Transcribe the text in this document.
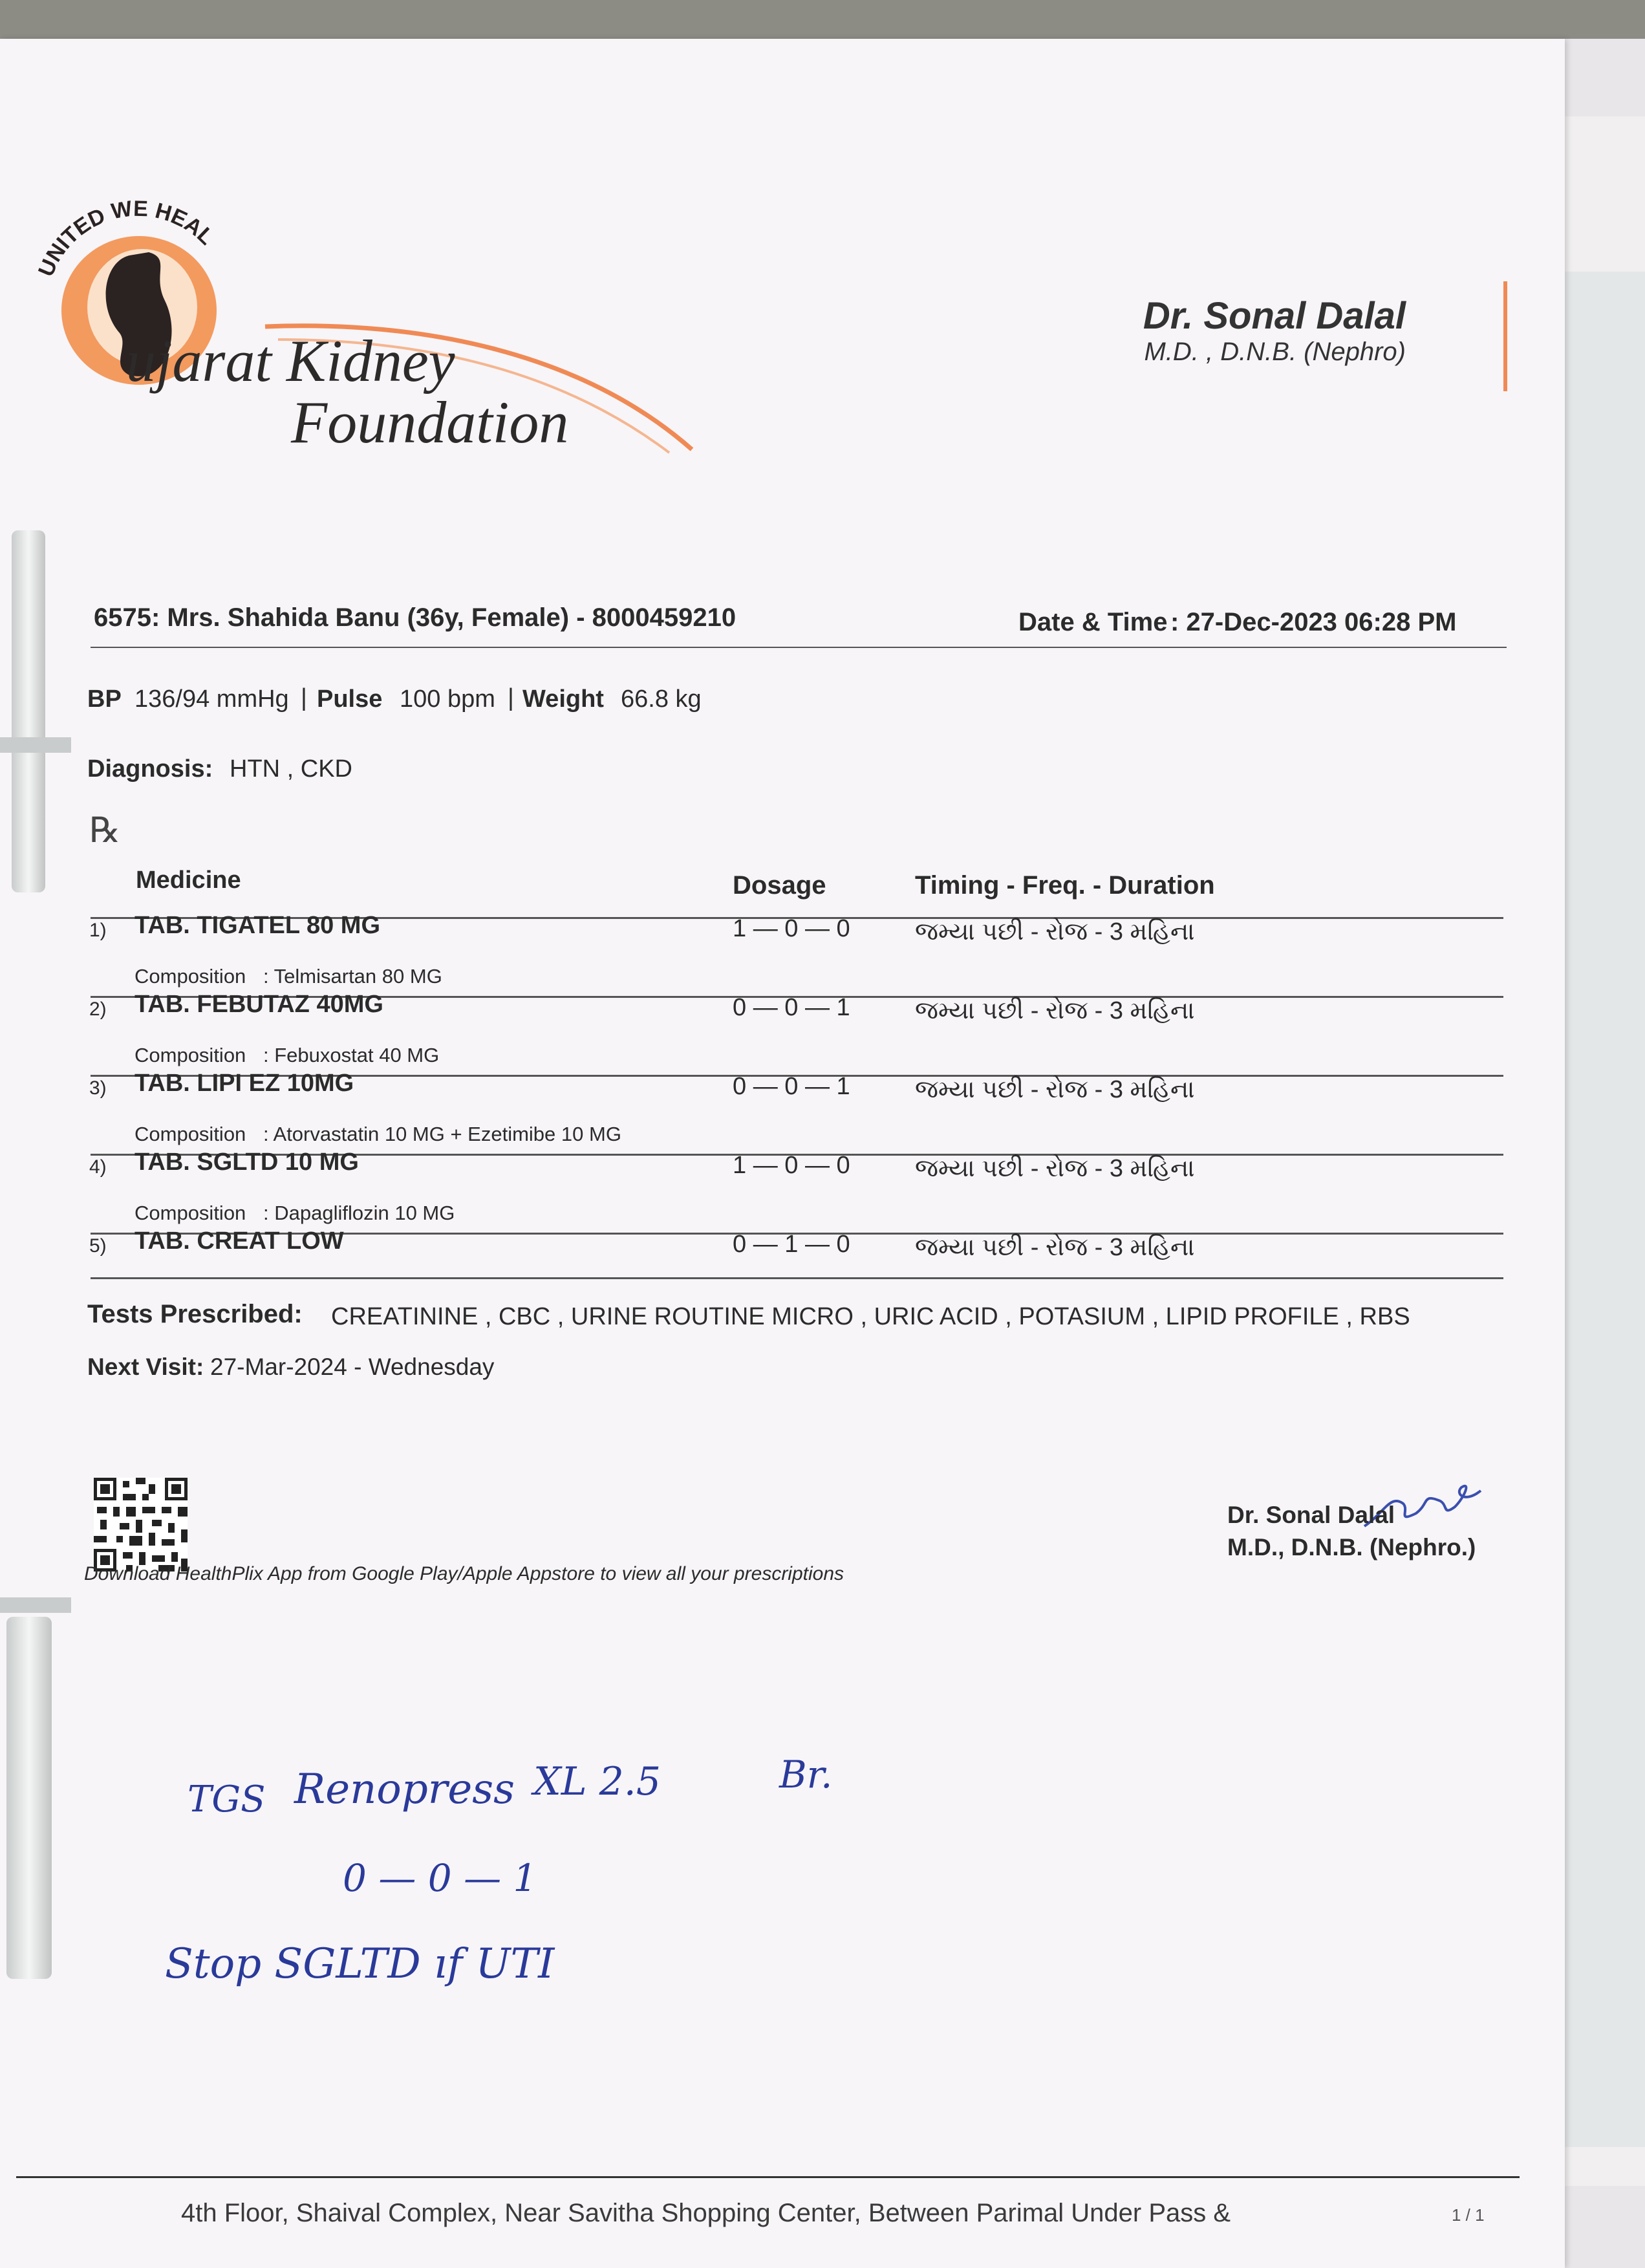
UNITED WE HEAL
ujarat Kidney
Foundation
Dr. Sonal Dalal
M.D. , D.N.B. (Nephro)
6575: Mrs. Shahida Banu (36y, Female) - 8000459210	Date & Time : 27-Dec-2023 06:28 PM
BP 136/94 mmHg | Pulse 100 bpm | Weight 66.8 kg
Diagnosis: HTN , CKD
℞
Medicine	Dosage	Timing - Freq. - Duration
1) TAB. TIGATEL 80 MG	1 — 0 — 0	જમ્યા પછી - રોજ - 3 મહિના
Composition : Telmisartan 80 MG
2) TAB. FEBUTAZ 40MG	0 — 0 — 1	જમ્યા પછી - રોજ - 3 મહિના
Composition : Febuxostat 40 MG
3) TAB. LIPI EZ 10MG	0 — 0 — 1	જમ્યા પછી - રોજ - 3 મહિના
Composition : Atorvastatin 10 MG + Ezetimibe 10 MG
4) TAB. SGLTD 10 MG	1 — 0 — 0	જમ્યા પછી - રોજ - 3 મહિના
Composition : Dapagliflozin 10 MG
5) TAB. CREAT LOW	0 — 1 — 0	જમ્યા પછી - રોજ - 3 મહિના
Tests Prescribed: CREATININE , CBC , URINE ROUTINE MICRO , URIC ACID , POTASIUM , LIPID PROFILE , RBS
Next Visit: 27-Mar-2024 - Wednesday
Dr. Sonal Dalal
M.D., D.N.B. (Nephro.)
Download HealthPlix App from Google Play/Apple Appstore to view all your prescriptions
TGS Renopress XL 2.5	Br.
0 — 0 — 1
Stop SGLTD ıf UTI
4th Floor, Shaival Complex, Near Savitha Shopping Center, Between Parimal Under Pass &	1 / 1
